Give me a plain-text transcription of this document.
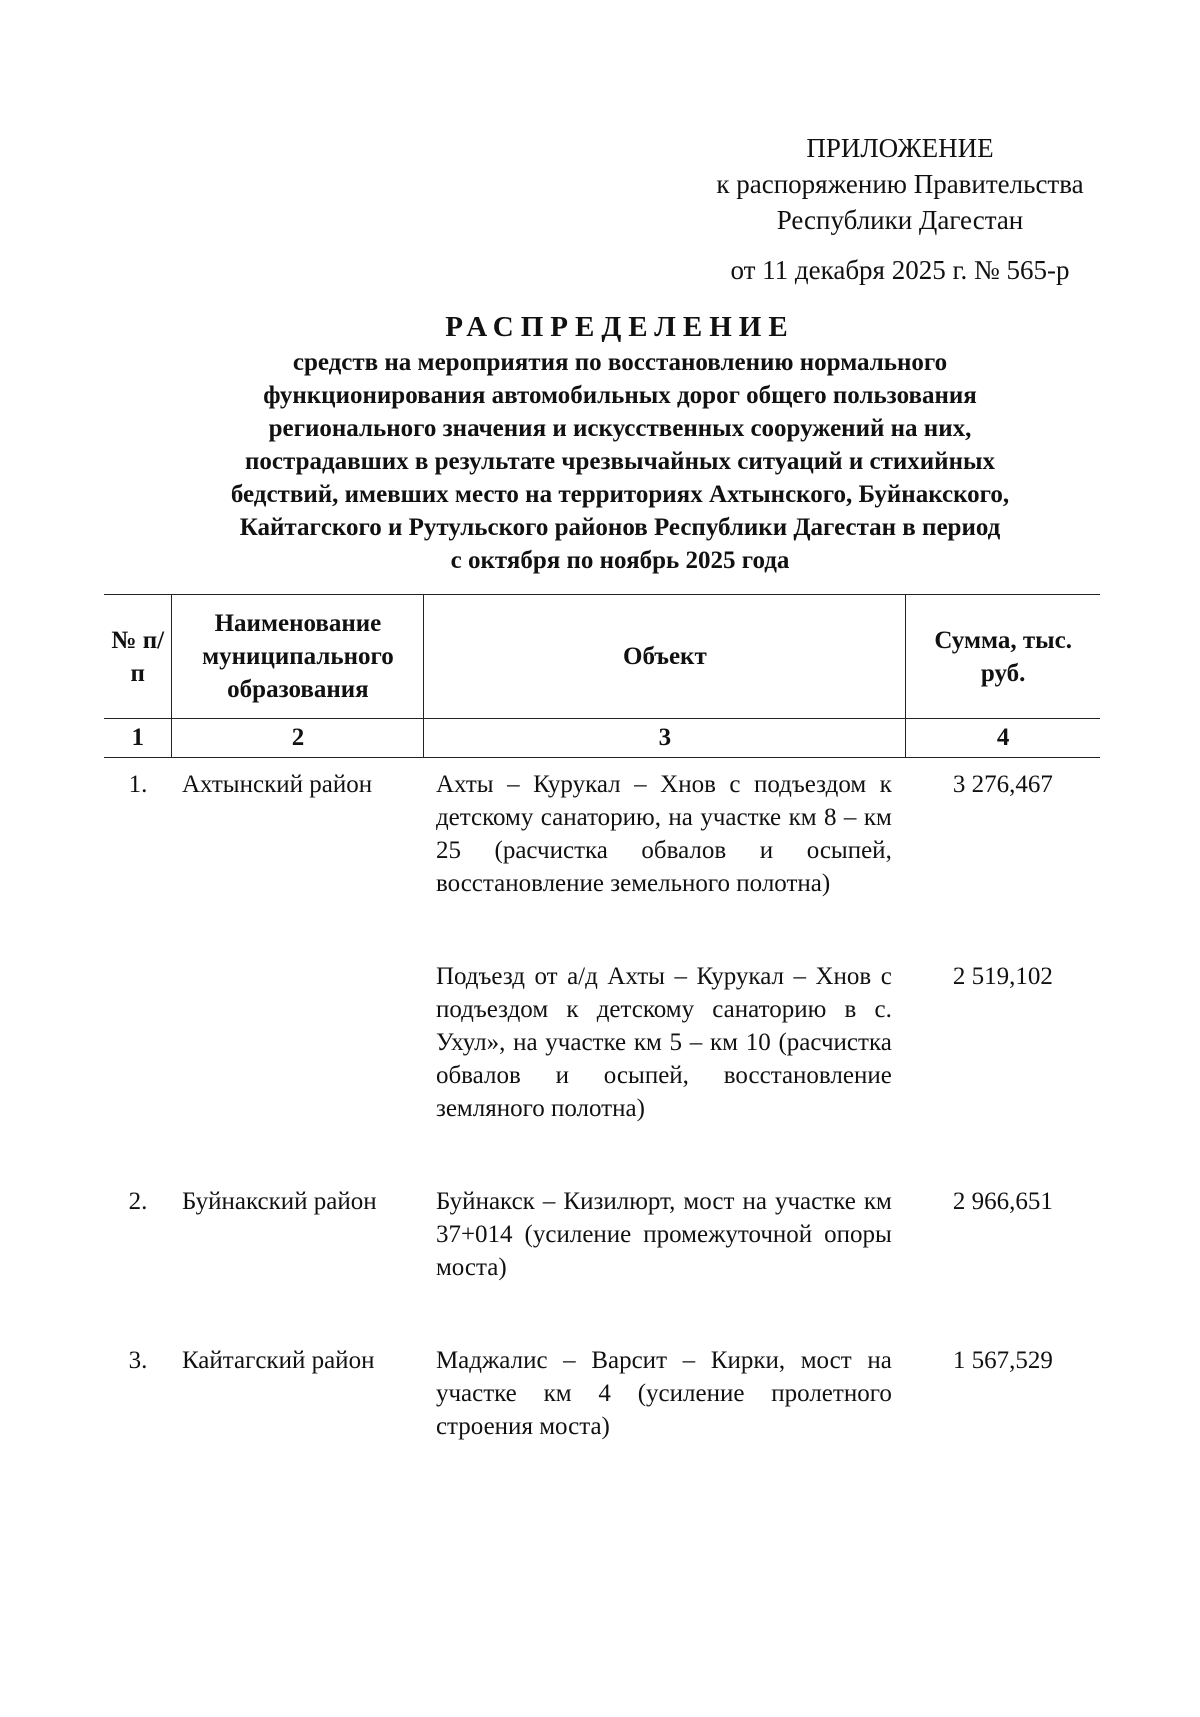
ПРИЛОЖЕНИЕ
к распоряжению Правительства
Республики Дагестан
от 11 декабря 2025 г. № 565-р
РАСПРЕДЕЛЕНИЕ
средств на мероприятия по восстановлению нормального
функционирования автомобильных дорог общего пользования
регионального значения и искусственных сооружений на них,
пострадавших в результате чрезвычайных ситуаций и стихийных
бедствий, имевших место на территориях Ахтынского, Буйнакского,
Кайтагского и Рутульского районов Республики Дагестан в период
с октября по ноябрь 2025 года
№ п/п	Наименование муниципального образования	Объект	Сумма, тыс. руб.
1	2	3	4
1.	Ахтынский район	Ахты – Курукал – Хнов с подъездом к детскому санаторию, на участке км 8 – км 25 (расчистка обвалов и осыпей, восстановление земельного полотна)	3 276,467

		Подъезд от а/д Ахты – Курукал – Хнов с подъездом к детскому санаторию в с. Ухул», на участке км 5 – км 10 (расчистка обвалов и осыпей, восстановление земляного полотна)	2 519,102

2.	Буйнакский район	Буйнакск – Кизилюрт, мост на участке км 37+014 (усиление промежуточной опоры моста)	2 966,651

3.	Кайтагский район	Маджалис – Варсит – Кирки, мост на участке км 4 (усиление пролетного строения моста)	1 567,529
